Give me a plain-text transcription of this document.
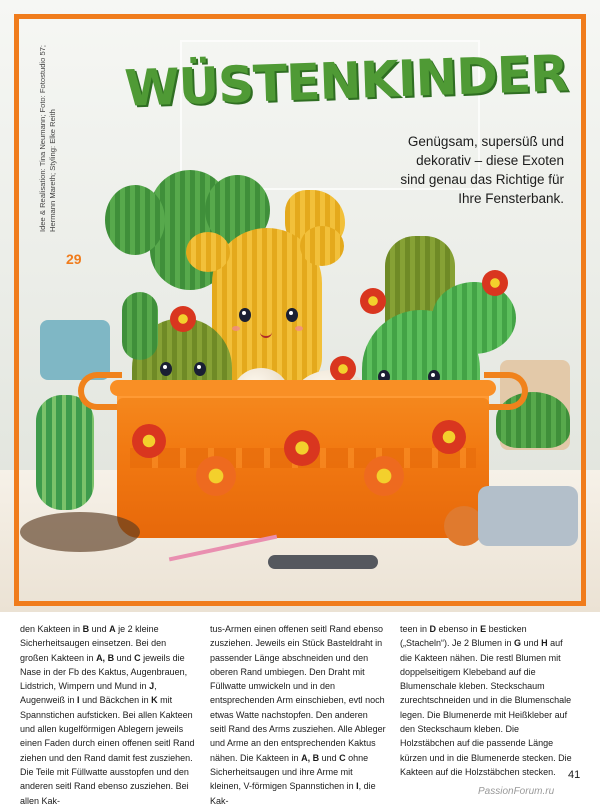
WÜSTENKINDER

Genügsam, supersüß und
dekorativ – diese Exoten
sind genau das Richtige für
Ihre Fensterbank.

Idee & Realisation: Tina Neumann; Foto: Fotostudio 57;
Hermann Mareth; Styling: Elke Reith

29

den Kakteen in B und A je 2 kleine Sicherheitsaugen einsetzen. Bei den großen Kakteen in A, B und C jeweils die Nase in der Fb des Kaktus, Augenbrauen, Lidstrich, Wimpern und Mund in J, Augenweiß in I und Bäckchen in K mit Spannstichen aufsticken. Bei allen Kakteen und allen kugelförmigen Ablegern jeweils einen Faden durch einen offenen seitl Rand ziehen und den Rand damit fest zusziehen. Die Teile mit Füllwatte ausstopfen und den anderen seitl Rand ebenso zusziehen. Bei allen Kak-

tus-Armen einen offenen seitl Rand ebenso zusziehen. Jeweils ein Stück Basteldraht in passender Länge abschneiden und den oberen Rand umbiegen. Den Draht mit Füllwatte umwickeln und in den entsprechenden Arm einschieben, evtl noch etwas Watte nachstopfen. Den anderen seitl Rand des Arms zusziehen. Alle Ableger und Arme an den entsprechenden Kaktus nähen. Die Kakteen in A, B und C ohne Sicherheitsaugen und ihre Arme mit kleinen, V-förmigen Spannstichen in I, die Kak-

teen in D ebenso in E besticken („Stacheln“). Je 2 Blumen in G und H auf die Kakteen nähen. Die restl Blumen mit doppelseitigem Klebeband auf die Blumenschale kleben. Steckschaum zurechtschneiden und in die Blumenschale legen. Die Blumenerde mit Heißkleber auf den Steckschaum kleben. Die Holzstäbchen auf die passende Länge kürzen und in die Blumenerde stecken. Die Kakteen auf die Holzstäbchen stecken.	41

PassionForum.ru
